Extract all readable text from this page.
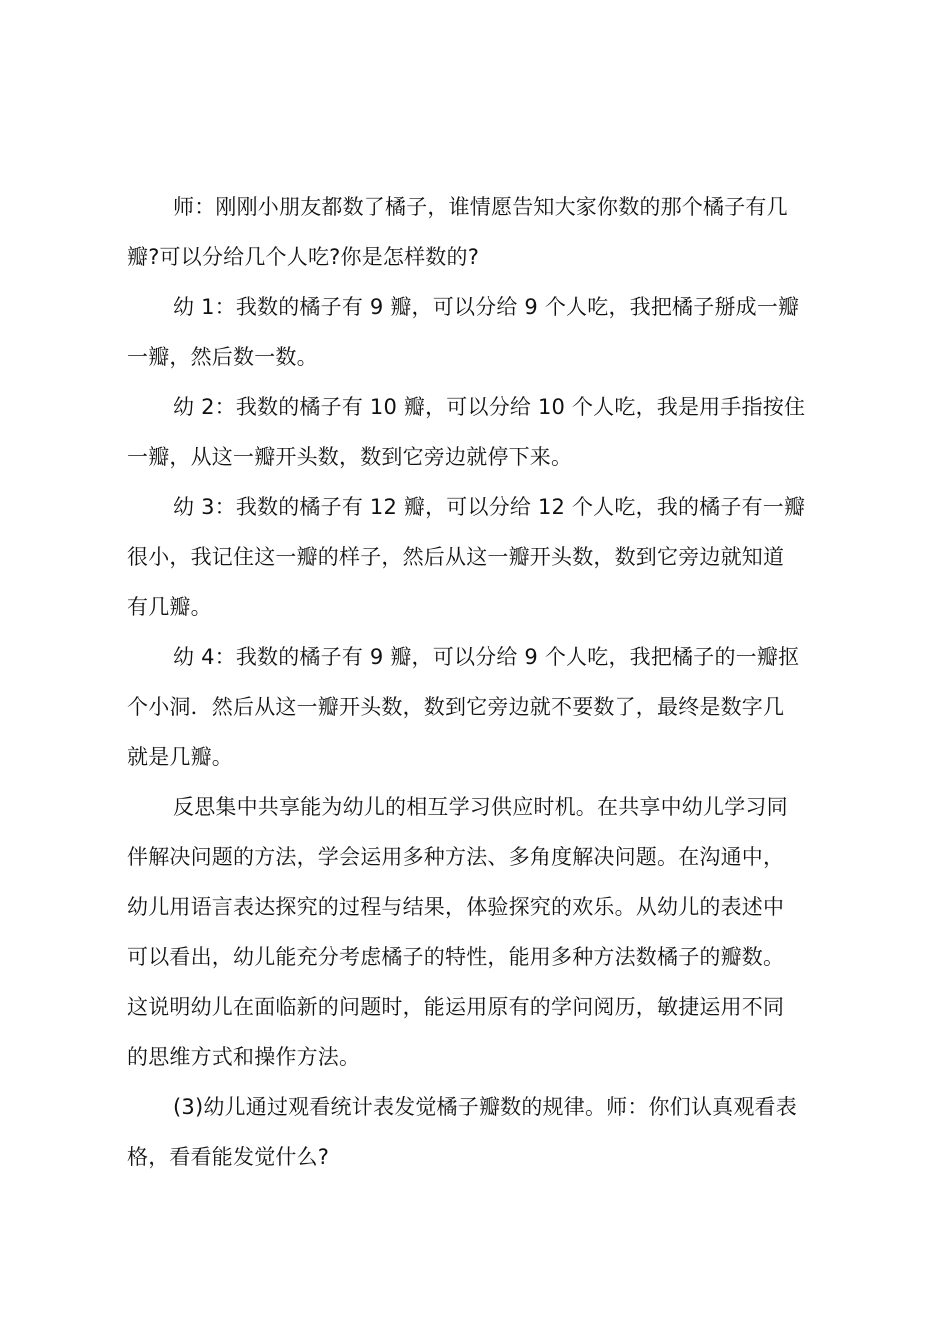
师：刚刚小朋友都数了橘子，谁情愿告知大家你数的那个橘子有几
瓣?可以分给几个人吃?你是怎样数的?

幼 1：我数的橘子有 9 瓣，可以分给 9 个人吃，我把橘子掰成一瓣
一瓣，然后数一数。

幼 2：我数的橘子有 10 瓣，可以分给 10 个人吃，我是用手指按住
一瓣，从这一瓣开头数，数到它旁边就停下来。

幼 3：我数的橘子有 12 瓣，可以分给 12 个人吃，我的橘子有一瓣
很小，我记住这一瓣的样子，然后从这一瓣开头数，数到它旁边就知道
有几瓣。

幼 4：我数的橘子有 9 瓣，可以分给 9 个人吃，我把橘子的一瓣抠
个小洞．然后从这一瓣开头数，数到它旁边就不要数了，最终是数字几
就是几瓣。

反思集中共享能为幼儿的相互学习供应时机。在共享中幼儿学习同
伴解决问题的方法，学会运用多种方法、多角度解决问题。在沟通中，
幼儿用语言表达探究的过程与结果，体验探究的欢乐。从幼儿的表述中
可以看出，幼儿能充分考虑橘子的特性，能用多种方法数橘子的瓣数。
这说明幼儿在面临新的问题时，能运用原有的学问阅历，敏捷运用不同
的思维方式和操作方法。

(3)幼儿通过观看统计表发觉橘子瓣数的规律。师：你们认真观看表
格，看看能发觉什么?
